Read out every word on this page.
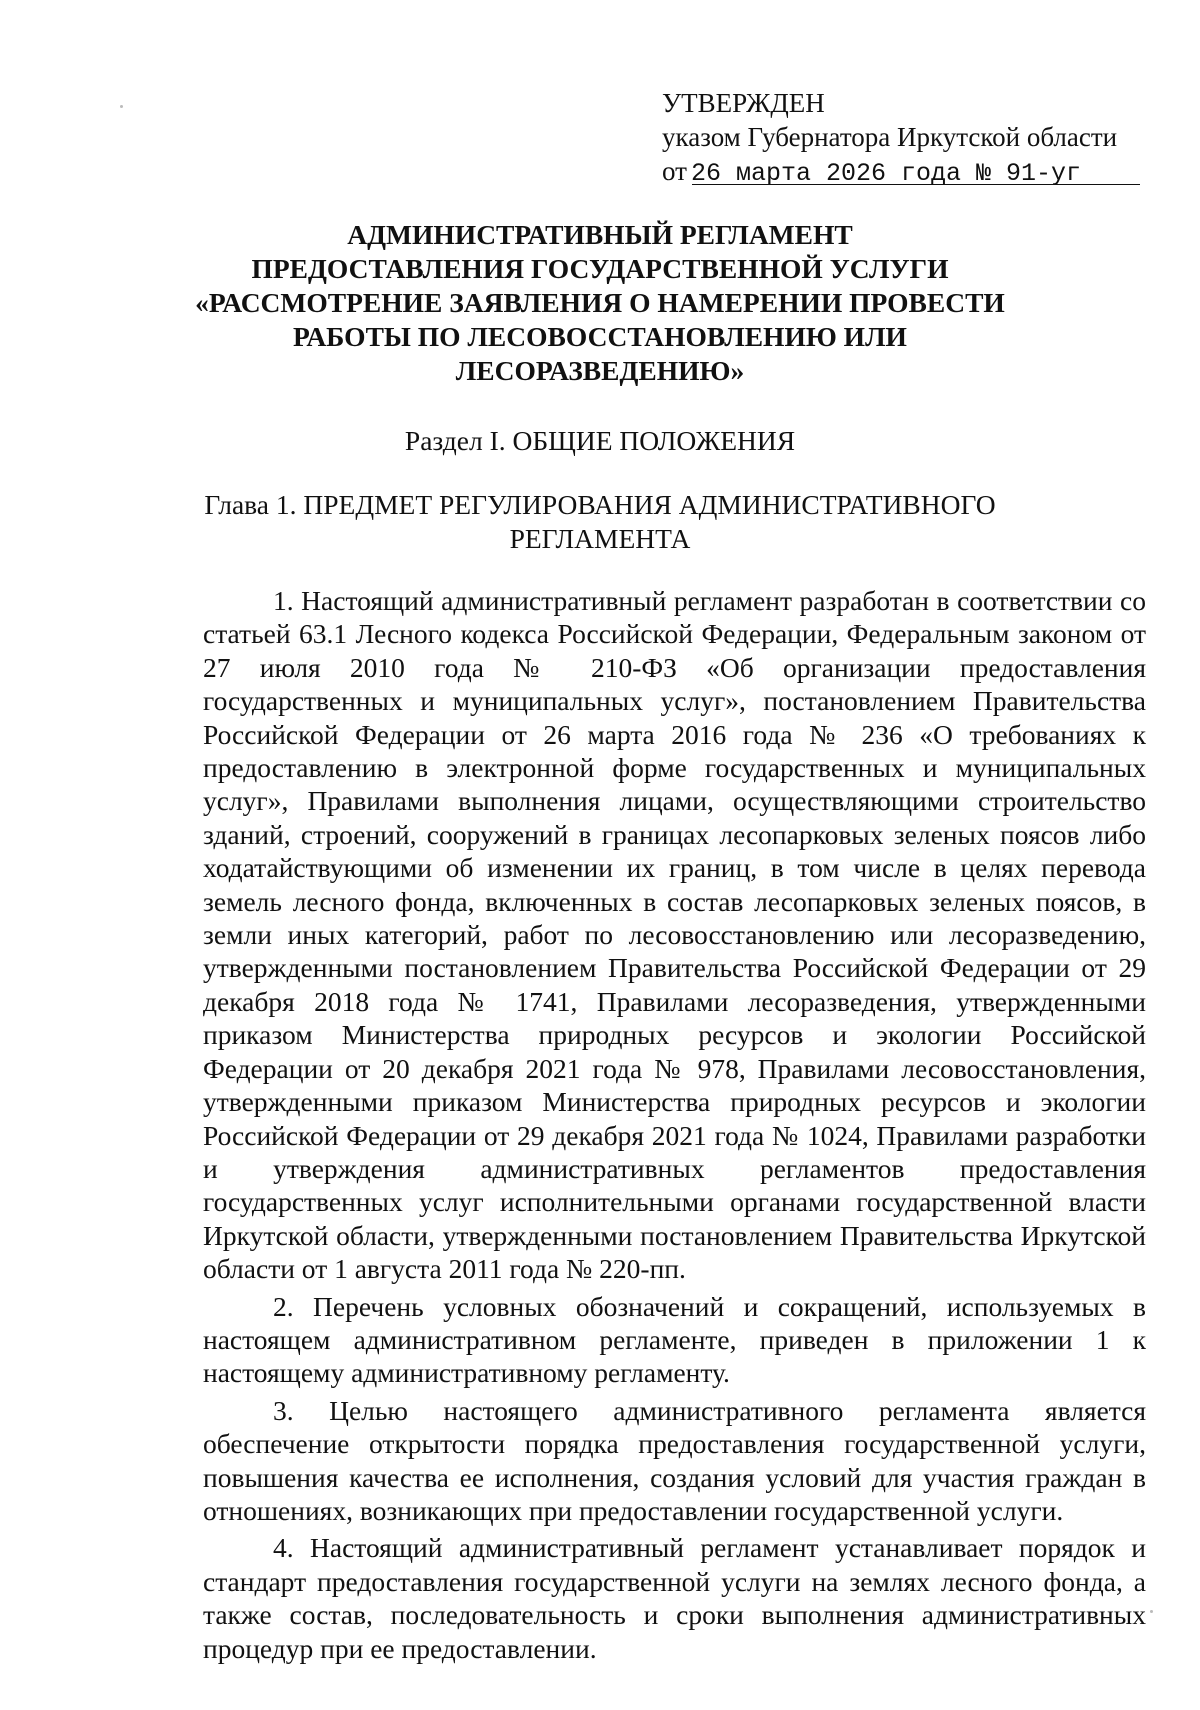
УТВЕРЖДЕН
указом Губернатора Иркутской области
от 26 марта 2026 года № 91-уг
АДМИНИСТРАТИВНЫЙ РЕГЛАМЕНТ
ПРЕДОСТАВЛЕНИЯ ГОСУДАРСТВЕННОЙ УСЛУГИ
«РАССМОТРЕНИЕ ЗАЯВЛЕНИЯ О НАМЕРЕНИИ ПРОВЕСТИ
РАБОТЫ ПО ЛЕСОВОССТАНОВЛЕНИЮ ИЛИ
ЛЕСОРАЗВЕДЕНИЮ»
Раздел I. ОБЩИЕ ПОЛОЖЕНИЯ
Глава 1. ПРЕДМЕТ РЕГУЛИРОВАНИЯ АДМИНИСТРАТИВНОГО
РЕГЛАМЕНТА

1. Настоящий административный регламент разработан в соответствии со статьей 63.1 Лесного кодекса Российской Федерации, Федеральным законом от 27 июля 2010 года № 210-ФЗ «Об организации предоставления государственных и муниципальных услуг», постановлением Правительства Российской Федерации от 26 марта 2016 года № 236 «О требованиях к предоставлению в электронной форме государственных и муниципальных услуг», Правилами выполнения лицами, осуществляющими строительство зданий, строений, сооружений в границах лесопарковых зеленых поясов либо ходатайствующими об изменении их границ, в том числе в целях перевода земель лесного фонда, включенных в состав лесопарковых зеленых поясов, в земли иных категорий, работ по лесовосстановлению или лесоразведению, утвержденными постановлением Правительства Российской Федерации от 29 декабря 2018 года № 1741, Правилами лесоразведения, утвержденными приказом Министерства природных ресурсов и экологии Российской Федерации от 20 декабря 2021 года № 978, Правилами лесовосстановления, утвержденными приказом Министерства природных ресурсов и экологии Российской Федерации от 29 декабря 2021 года № 1024, Правилами разработки и утверждения административных регламентов предоставления государственных услуг исполнительными органами государственной власти Иркутской области, утвержденными постановлением Правительства Иркутской области от 1 августа 2011 года № 220-пп.

2. Перечень условных обозначений и сокращений, используемых в настоящем административном регламенте, приведен в приложении 1 к настоящему административному регламенту.

3. Целью настоящего административного регламента является обеспечение открытости порядка предоставления государственной услуги, повышения качества ее исполнения, создания условий для участия граждан в отношениях, возникающих при предоставлении государственной услуги.

4. Настоящий административный регламент устанавливает порядок и стандарт предоставления государственной услуги на землях лесного фонда, а также состав, последовательность и сроки выполнения административных процедур при ее предоставлении.
